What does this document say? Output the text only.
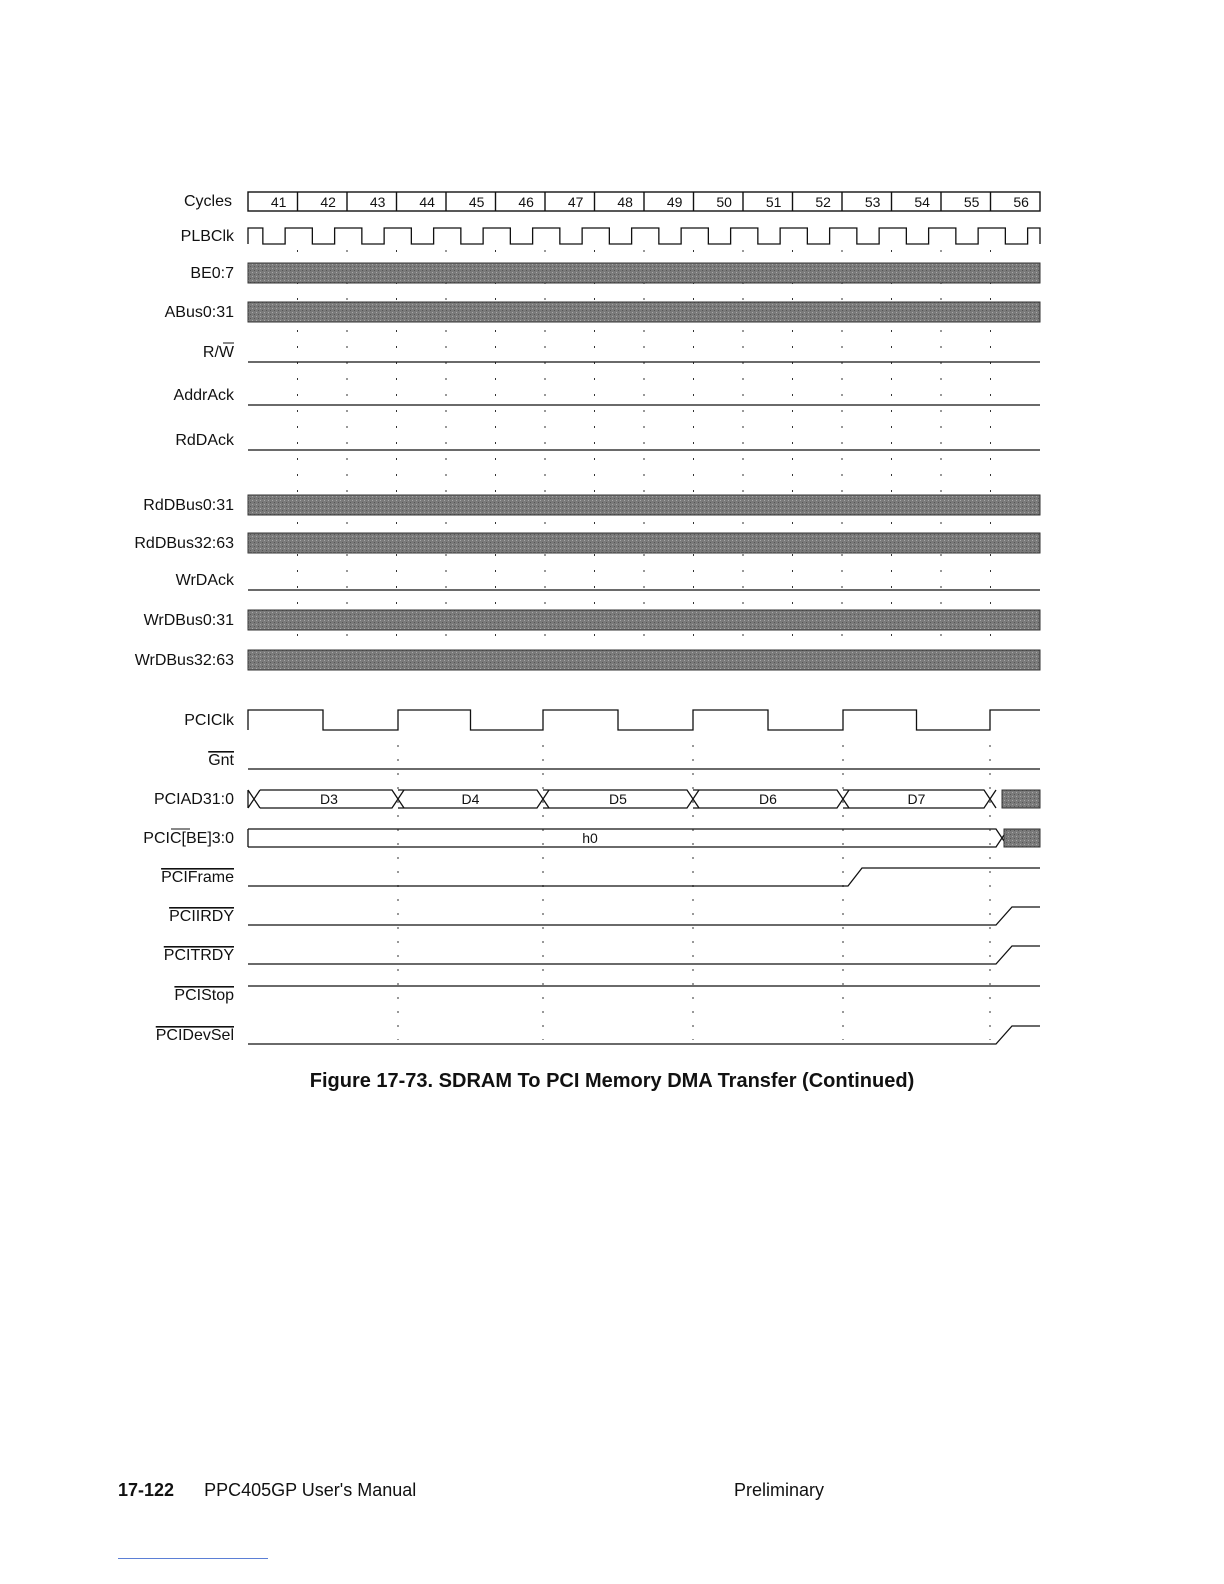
Cycles	41 42 43 44 45 46 47 48 49 50 51 52 53 54 55 56
PLBClk
BE0:7
ABus0:31
R/W
AddrAck
RdDAck
RdDBus0:31
RdDBus32:63
WrDAck
WrDBus0:31
WrDBus32:63
PCIClk
Gnt
PCIAD31:0	D3	D4	D5	D6	D7
PCIC[BE]3:0	h0
PCIFrame
PCIIRDY
PCITRDY
PCIStop
PCIDevSel
Figure 17-73. SDRAM To PCI Memory DMA Transfer (Continued)
17-122 PPC405GP User's Manual	Preliminary
